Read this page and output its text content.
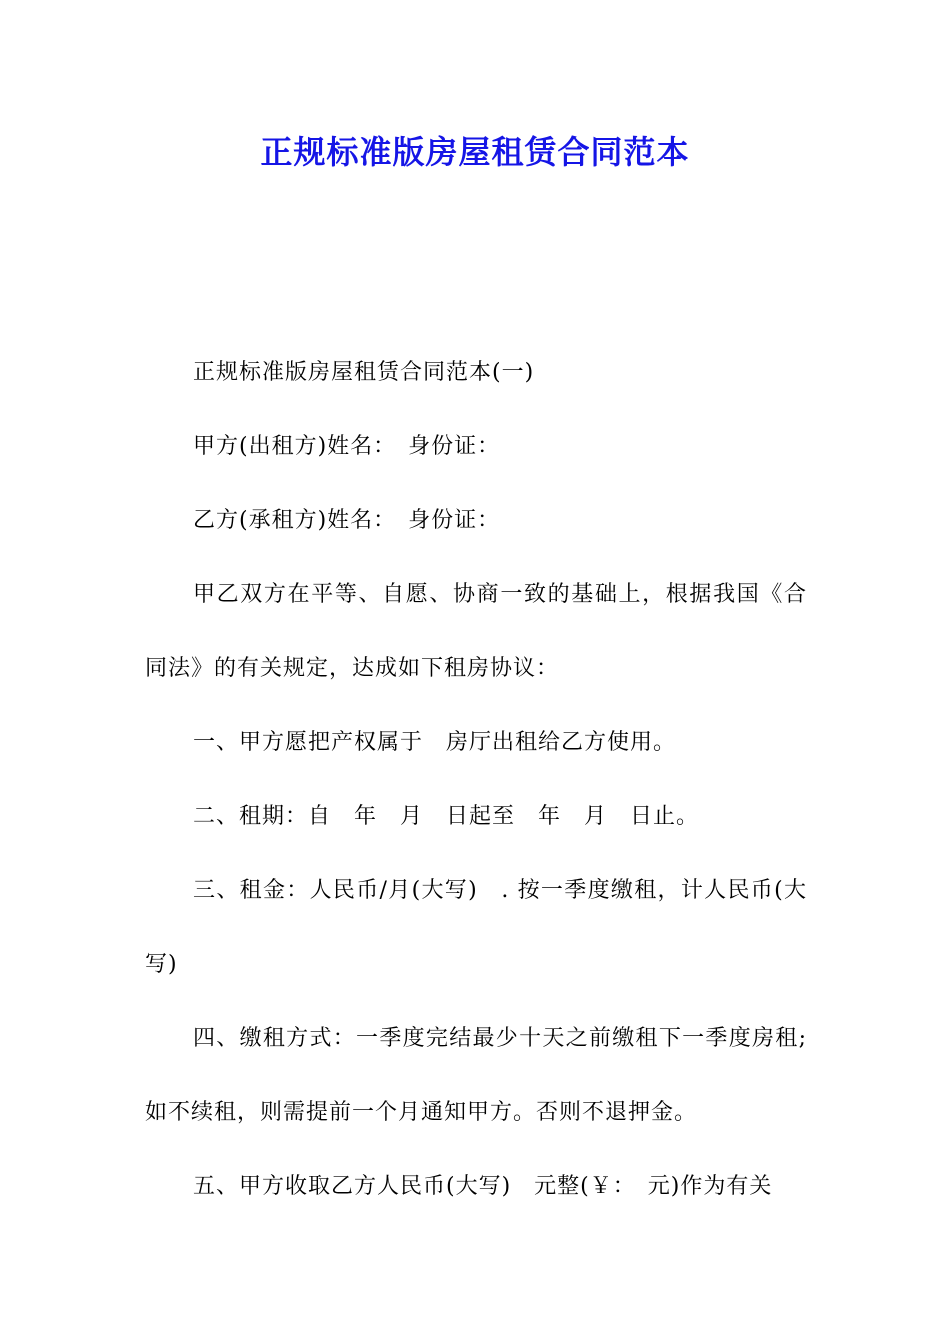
正规标准版房屋租赁合同范本

正规标准版房屋租赁合同范本(一)

甲方(出租方)姓名：　身份证：

乙方(承租方)姓名：　身份证：

甲乙双方在平等、自愿、协商一致的基础上，根据我国《合同法》的有关规定，达成如下租房协议：

一、甲方愿把产权属于　房厅出租给乙方使用。

二、租期：自　年　月　日起至　年　月　日止。

三、租金：人民币/月(大写)　. 按一季度缴租，计人民币(大写)

四、缴租方式：一季度完结最少十天之前缴租下一季度房租;如不续租，则需提前一个月通知甲方。否则不退押金。

五、甲方收取乙方人民币(大写)　元整(￥：　元)作为有关
